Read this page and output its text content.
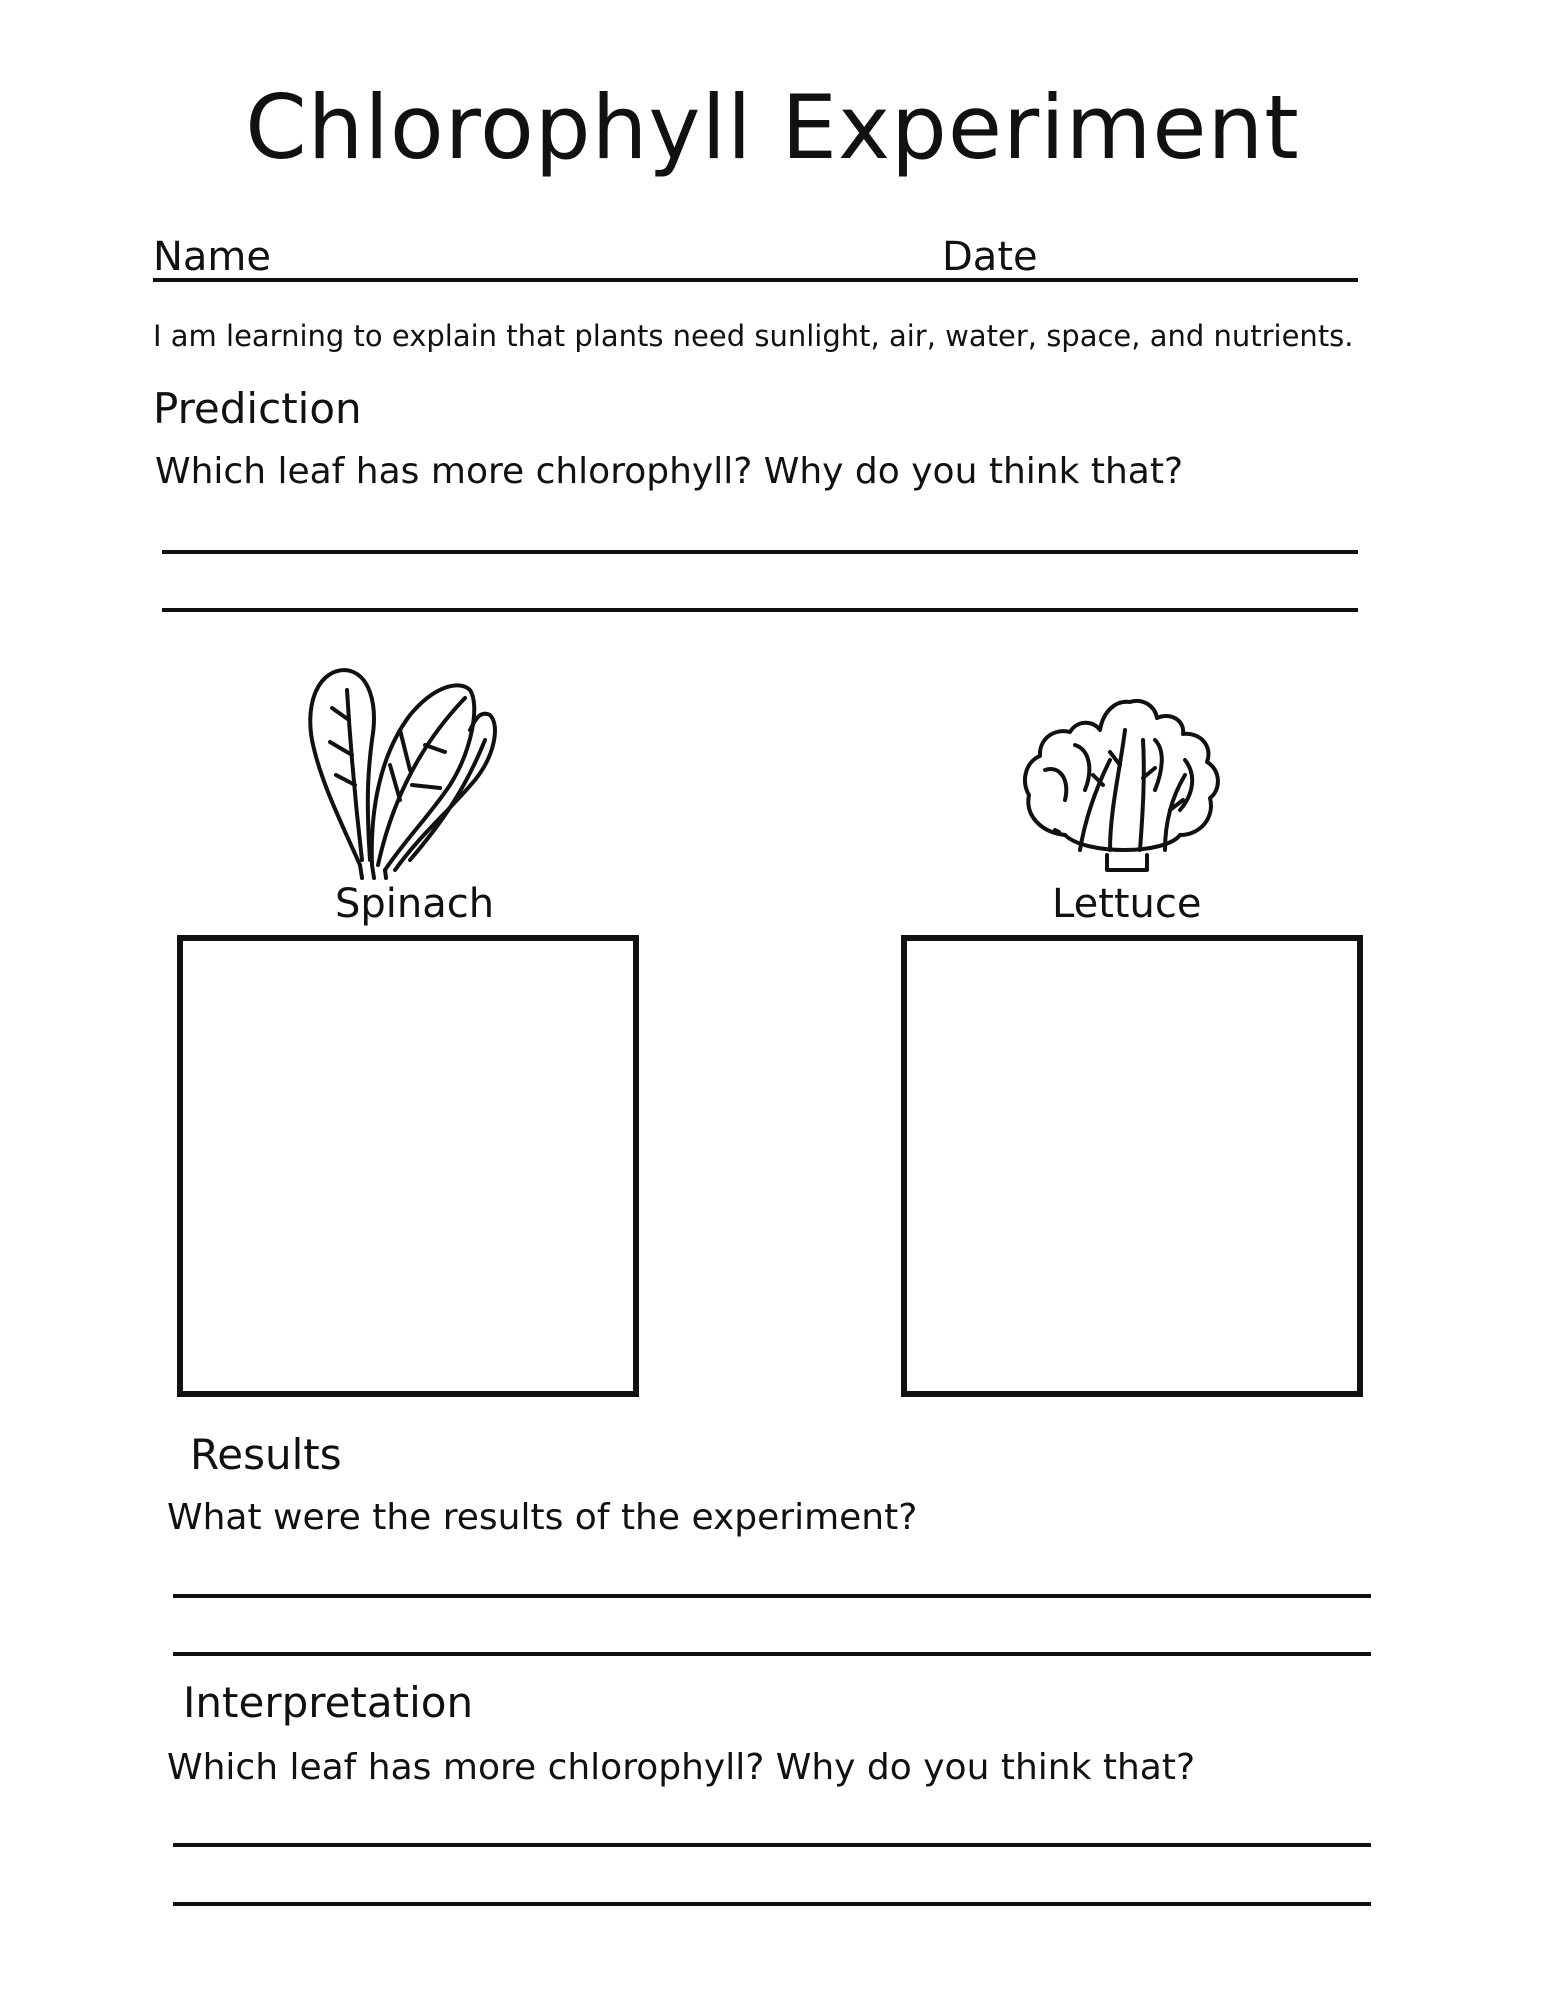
Chlorophyll Experiment
Name	Date
I am learning to explain that plants need sunlight, air, water, space, and nutrients.
Prediction
Which leaf has more chlorophyll? Why do you think that?
Spinach	Lettuce
Results
What were the results of the experiment?
Interpretation
Which leaf has more chlorophyll? Why do you think that?
